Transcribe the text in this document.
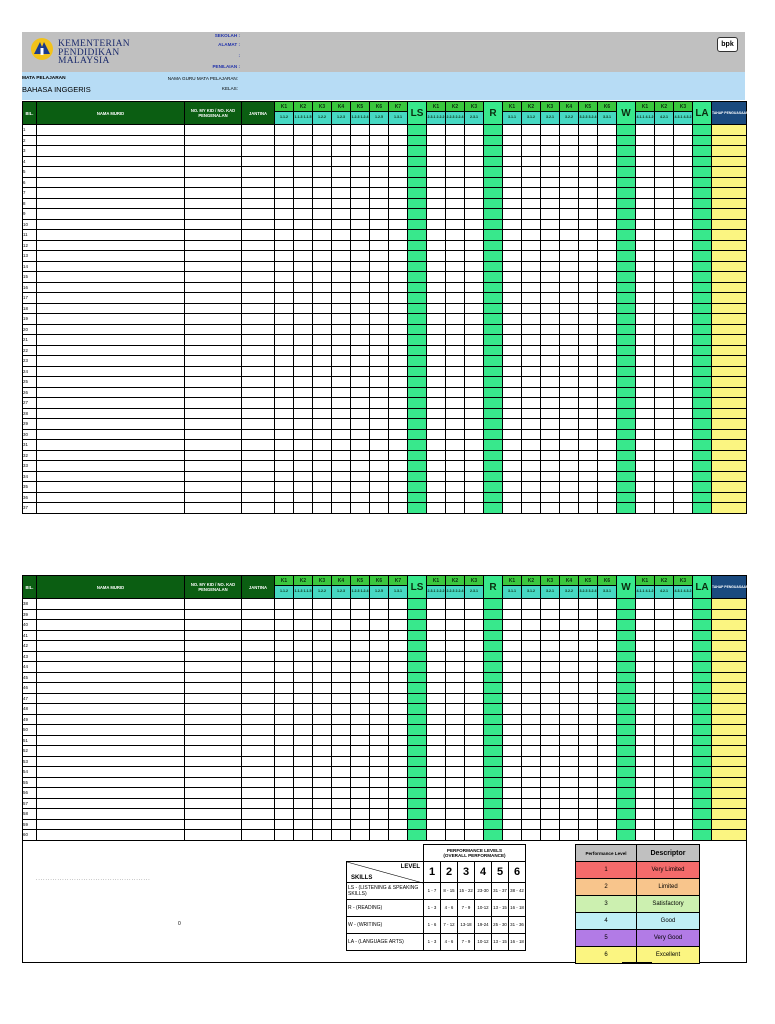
KEMENTERIAN
PENDIDIKAN
MALAYSIA
SEKOLAH :
ALAMAT :
:
PENILAIAN :
bpk
MATA PELAJARAN	NAMA GURU MATA PELAJARAN:
KELAS:
BAHASA INGGERIS
BIL.	NAMA MURID	NO. MY KID / NO. KAD PENGENALAN	JANTINA	K1	K2	K3	K4	K5	K6	K7	LS	K1	K2	K3	R	K1	K2	K3	K4	K5	K6	W	K1	K2	K3	LA	TAHAP PENGUASAAN KESELURUHAN
				1.1.2	1.1.3 1.1.5	1.2.2	1.2.3	1.2.3 1.2.4	1.2.5	1.3.1		2.3.1 2.2.2	2.2.3 2.2.4	2.3.1		3.1.1	3.1.2	3.2.1	3.2.2	3.2.3 3.2.4	3.3.1		4.1.1 4.1.2	4.2.1	4.3.1 4.3.2		
1																											
2																											
3																											
4																											
5																											
6																											
7																											
8																											
9																											
10																											
11																											
12																											
13																											
14																											
15																											
16																											
17																											
18																											
19																											
20																											
21																											
22																											
23																											
24																											
25																											
26																											
27																											
28																											
29																											
30																											
31																											
32																											
33																											
34																											
35																											
36																											
37																											
BIL.	NAMA MURID	NO. MY KID / NO. KAD PENGENALAN	JANTINA	K1	K2	K3	K4	K5	K6	K7	LS	K1	K2	K3	R	K1	K2	K3	K4	K5	K6	W	K1	K2	K3	LA	TAHAP PENGUASAAN KESELURUHAN
				1.1.2	1.1.3 1.1.5	1.2.2	1.2.3	1.2.3 1.2.4	1.2.5	1.3.1		2.3.1 2.2.2	2.2.3 2.2.4	2.3.1		3.1.1	3.1.2	3.2.1	3.2.2	3.2.3 3.2.4	3.3.1		4.1.1 4.1.2	4.2.1	4.3.1 4.3.2		
38																											
39																											
40																											
41																											
42																											
43																											
44																											
45																											
46																											
47																											
48																											
49																											
50																											
51																											
52																											
53																											
54																											
55																											
56																											
57																											
58																											
59																											
60																											
................................................
0

	PERFORMANCE LEVELS
(OVERALL PERFORMANCE)					

LEVEL
SKILLS	1	2	3	4	5	6
LS - (LISTENING & SPEAKING SKILLS)	1 - 7	8 - 15	15 - 22	23-30	31 - 37	38 - 42
R - (READING)	1 - 3	4 - 6	7 - 9	10-12	13 - 15	16 - 18
W - (WRITING)	1 - 6	7 - 12	13-18	19-24	25 - 30	31 - 36
LA - (LANGUAGE ARTS)	1 - 3	4 - 6	7 - 9	10-12	13 - 15	16 - 18
Performance Level	Descriptor
1	Very Limited
2	Limited
3	Satisfactory
4	Good
5	Very Good
6	Excellent
